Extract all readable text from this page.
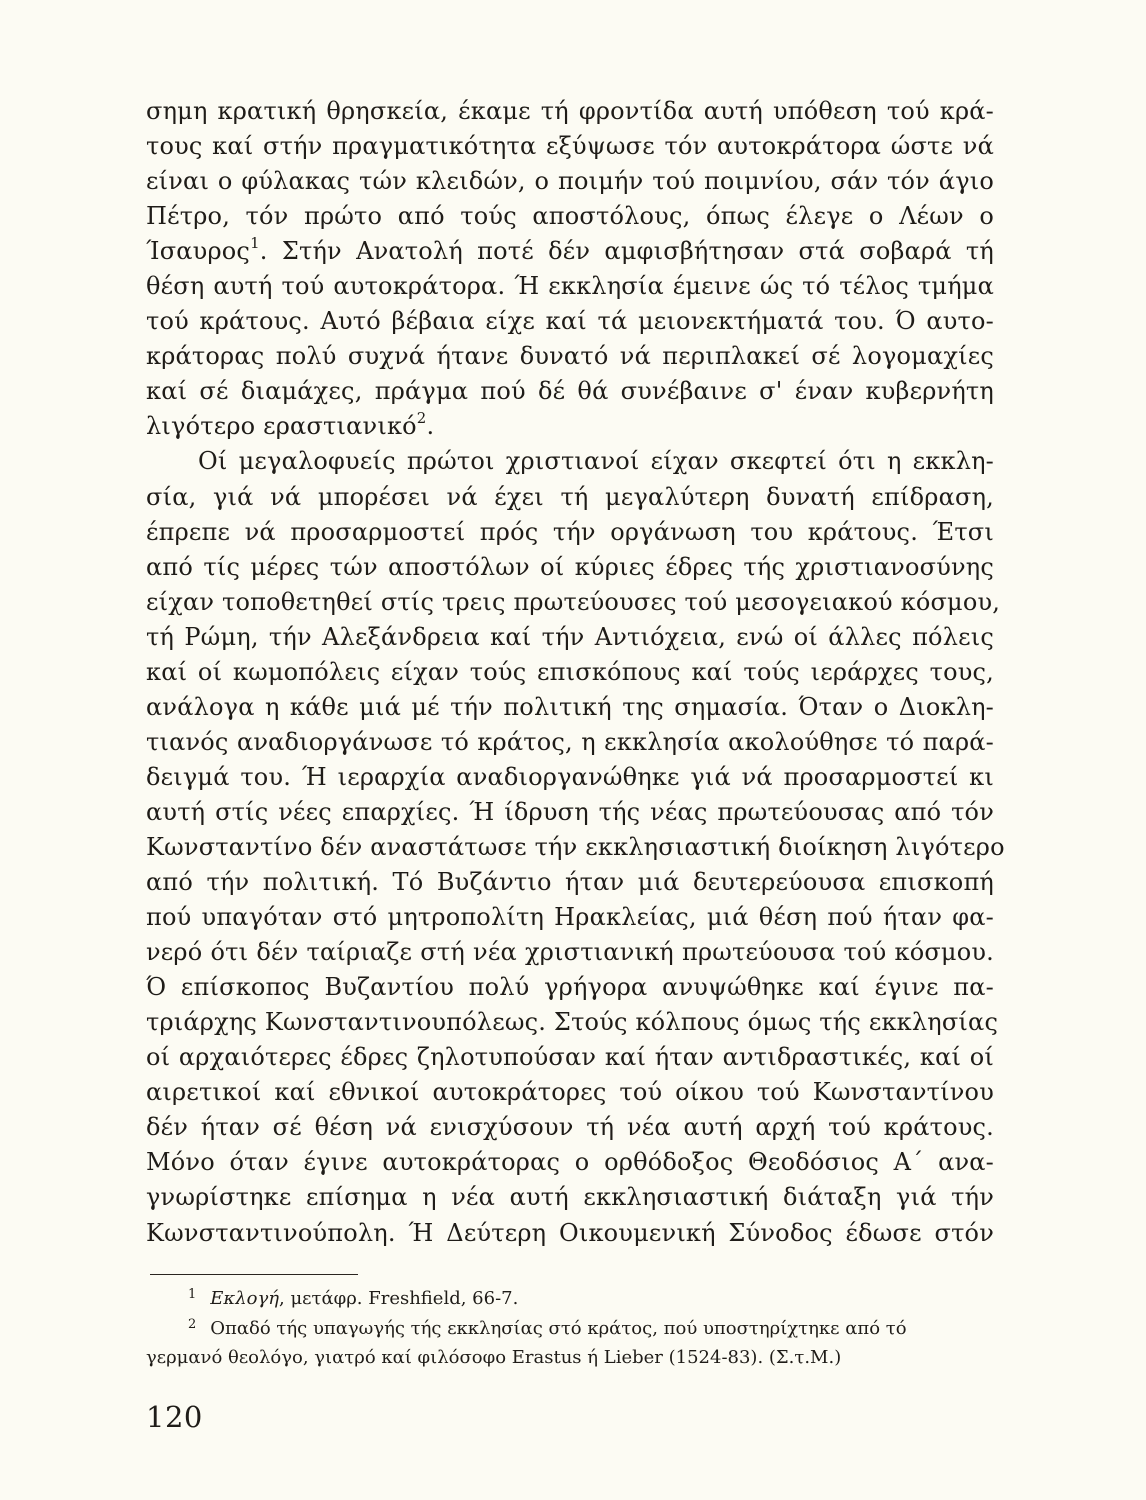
σημη κρατική θρησκεία, έκαμε τή φροντίδα αυτή υπόθεση τού κρά-
τους καί στήν πραγματικότητα εξύψωσε τόν αυτοκράτορα ώστε νά
είναι ο φύλακας τών κλειδών, ο ποιμήν τού ποιμνίου, σάν τόν άγιο
Πέτρο, τόν πρώτο από τούς αποστόλους, όπως έλεγε ο Λέων ο
Ίσαυρος$^1$. Στήν Ανατολή ποτέ δέν αμφισβήτησαν στά σοβαρά τή
θέση αυτή τού αυτοκράτορα. Ή εκκλησία έμεινε ώς τό τέλος τμήμα
τού κράτους. Αυτό βέβαια είχε καί τά μειονεκτήματά του. Ό αυτο-
κράτορας πολύ συχνά ήτανε δυνατό νά περιπλακεί σέ λογομαχίες
καί σέ διαμάχες, πράγμα πού δέ θά συνέβαινε σ' έναν κυβερνήτη
λιγότερο εραστιανικό$^2$.
Οί μεγαλοφυείς πρώτοι χριστιανοί είχαν σκεφτεί ότι η εκκλη-
σία, γιά νά μπορέσει νά έχει τή μεγαλύτερη δυνατή επίδραση,
έπρεπε νά προσαρμοστεί πρός τήν οργάνωση του κράτους. Έτσι
από τίς μέρες τών αποστόλων οί κύριες έδρες τής χριστιανοσύνης
είχαν τοποθετηθεί στίς τρεις πρωτεύουσες τού μεσογειακού κόσμου,
τή Ρώμη, τήν Αλεξάνδρεια καί τήν Αντιόχεια, ενώ οί άλλες πόλεις
καί οί κωμοπόλεις είχαν τούς επισκόπους καί τούς ιεράρχες τους,
ανάλογα η κάθε μιά μέ τήν πολιτική της σημασία. Όταν ο Διοκλη-
τιανός αναδιοργάνωσε τό κράτος, η εκκλησία ακολούθησε τό παρά-
δειγμά του. Ή ιεραρχία αναδιοργανώθηκε γιά νά προσαρμοστεί κι
αυτή στίς νέες επαρχίες. Ή ίδρυση τής νέας πρωτεύουσας από τόν
Κωνσταντίνο δέν αναστάτωσε τήν εκκλησιαστική διοίκηση λιγότερο
από τήν πολιτική. Τό Βυζάντιο ήταν μιά δευτερεύουσα επισκοπή
πού υπαγόταν στό μητροπολίτη Ηρακλείας, μιά θέση πού ήταν φα-
νερό ότι δέν ταίριαζε στή νέα χριστιανική πρωτεύουσα τού κόσμου.
Ό επίσκοπος Βυζαντίου πολύ γρήγορα ανυψώθηκε καί έγινε πα-
τριάρχης Κωνσταντινουπόλεως. Στούς κόλπους όμως τής εκκλησίας
οί αρχαιότερες έδρες ζηλοτυπούσαν καί ήταν αντιδραστικές, καί οί
αιρετικοί καί εθνικοί αυτοκράτορες τού οίκου τού Κωνσταντίνου
δέν ήταν σέ θέση νά ενισχύσουν τή νέα αυτή αρχή τού κράτους.
Μόνο όταν έγινε αυτοκράτορας ο ορθόδοξος Θεοδόσιος Α΄ ανα-
γνωρίστηκε επίσημα η νέα αυτή εκκλησιαστική διάταξη γιά τήν
Κωνσταντινούπολη. Ή Δεύτερη Οικουμενική Σύνοδος έδωσε στόν
$^1$ Εκλογή, μετάφρ. Freshfield, 66-7.
$^2$ Οπαδό τής υπαγωγής τής εκκλησίας στό κράτος, πού υποστηρίχτηκε από τό
γερμανό θεολόγο, γιατρό καί φιλόσοφο Erastus ή Lieber (1524-83). (Σ.τ.Μ.)
120
